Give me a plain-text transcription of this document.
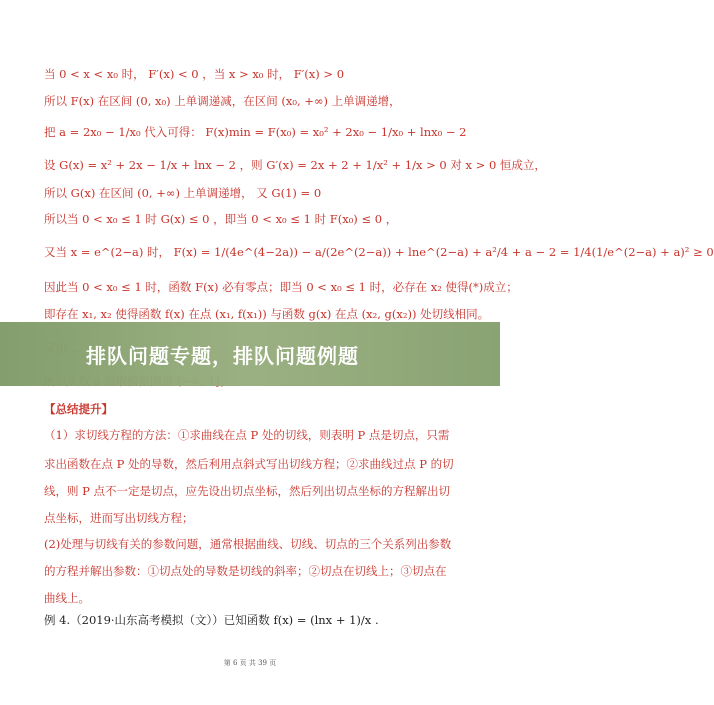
当 0 < x < x₀ 时， F′(x) < 0 ，当 x > x₀ 时， F′(x) > 0
所以 F(x) 在区间 (0, x₀) 上单调递减，在区间 (x₀, +∞) 上单调递增，
把 a = 2x₀ − 1/x₀ 代入可得： F(x)min = F(x₀) = x₀² + 2x₀ − 1/x₀ + lnx₀ − 2
设 G(x) = x² + 2x − 1/x + lnx − 2 ，则 G′(x) = 2x + 2 + 1/x² + 1/x > 0 对 x > 0 恒成立，
所以 G(x) 在区间 (0, +∞) 上单调递增， 又 G(1) = 0
所以当 0 < x₀ ≤ 1 时 G(x) ≤ 0 ，即当 0 < x₀ ≤ 1 时 F(x₀) ≤ 0 ，
又当 x = e^(2−a) 时， F(x) = 1/(4e^(4−2a)) − a/(2e^(2−a)) + lne^(2−a) + a²/4 + a − 2 = 1/4(1/e^(2−a) + a)² ≥ 0
因此当 0 < x₀ ≤ 1 时，函数 F(x) 必有零点；即当 0 < x₀ ≤ 1 时，必存在 x₂ 使得(*)成立；
即存在 x₁, x₂ 使得函数 f(x) 在点 (x₁, f(x₁)) 与函数 g(x) 在点 (x₂, g(x₂)) 处切线相同。
【总结提升】
（1）求切线方程的方法：①求曲线在点 P 处的切线，则表明 P 点是切点，只需
求出函数在点 P 处的导数，然后利用点斜式写出切线方程；②求曲线过点 P 的切
线，则 P 点不一定是切点，应先设出切点坐标，然后列出切点坐标的方程解出切
点坐标，进而写出切线方程；
(2)处理与切线有关的参数问题，通常根据曲线、切线、切点的三个关系列出参数
的方程并解出参数：①切点处的导数是切线的斜率；②切点在切线上；③切点在
曲线上。
例 4.（2019·山东高考模拟（文））已知函数 f(x) = (lnx + 1)/x .
第 6 页 共 39 页
排队问题专题，排队问题例题
